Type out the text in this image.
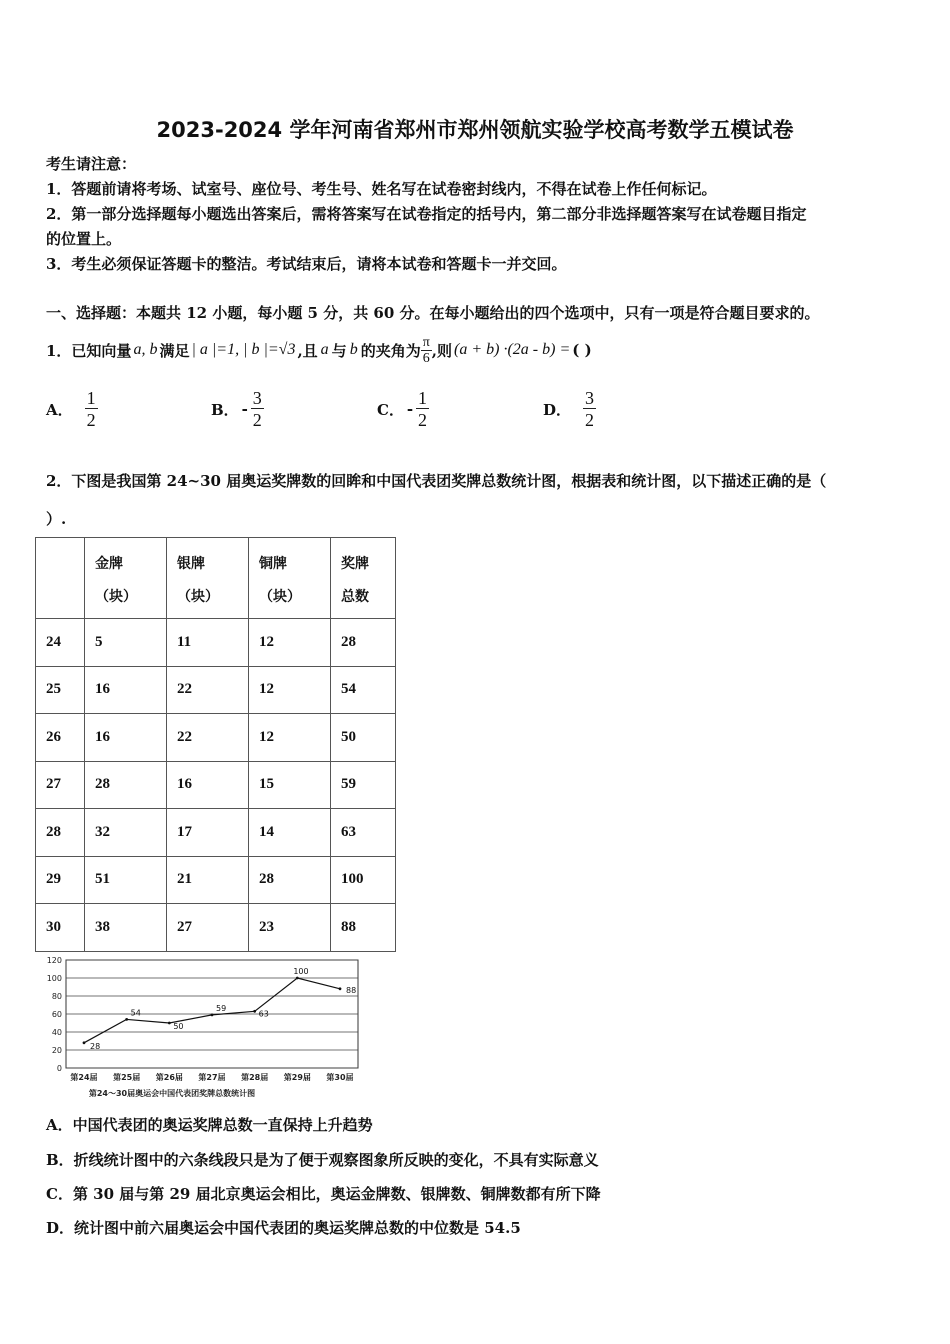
2023-2024 学年河南省郑州市郑州领航实验学校高考数学五模试卷
考生请注意：
1．答题前请将考场、试室号、座位号、考生号、姓名写在试卷密封线内，不得在试卷上作任何标记。
2．第一部分选择题每小题选出答案后，需将答案写在试卷指定的括号内，第二部分非选择题答案写在试卷题目指定
的位置上。
3．考生必须保证答题卡的整洁。考试结束后，请将本试卷和答题卡一并交回。
一、选择题：本题共 12 小题，每小题 5 分，共 60 分。在每小题给出的四个选项中，只有一项是符合题目要求的。
1．已知向量 a, b 满足 | a |=1, | b |=√3 ,且 a 与 b 的夹角为 $\frac{\pi}{6}$ ,则 (a + b) ·(2a - b) = ( )
A． $\frac{1}{2}$	B． - $\frac{3}{2}$	C． - $\frac{1}{2}$	D． $\frac{3}{2}$
2．下图是我国第 24~30 届奥运奖牌数的回眸和中国代表团奖牌总数统计图，根据表和统计图，以下描述正确的是（
）.
	金牌
（块）	银牌
（块）	铜牌
（块）	奖牌
总数
24	5	11	12	28
25	16	22	12	54
26	16	22	12	50
27	28	16	15	59
28	32	17	14	63
29	51	21	28	100
30	38	27	23	88
0
20
40
60
80
100
120
第24届 第25届 第26届 第27届 第28届 第29届 第30届
28
54
50
59
63
100
88
第24～30届奥运会中国代表团奖牌总数统计图
A．中国代表团的奥运奖牌总数一直保持上升趋势
B．折线统计图中的六条线段只是为了便于观察图象所反映的变化，不具有实际意义
C．第 30 届与第 29 届北京奥运会相比，奥运金牌数、银牌数、铜牌数都有所下降
D．统计图中前六届奥运会中国代表团的奥运奖牌总数的中位数是 54.5
